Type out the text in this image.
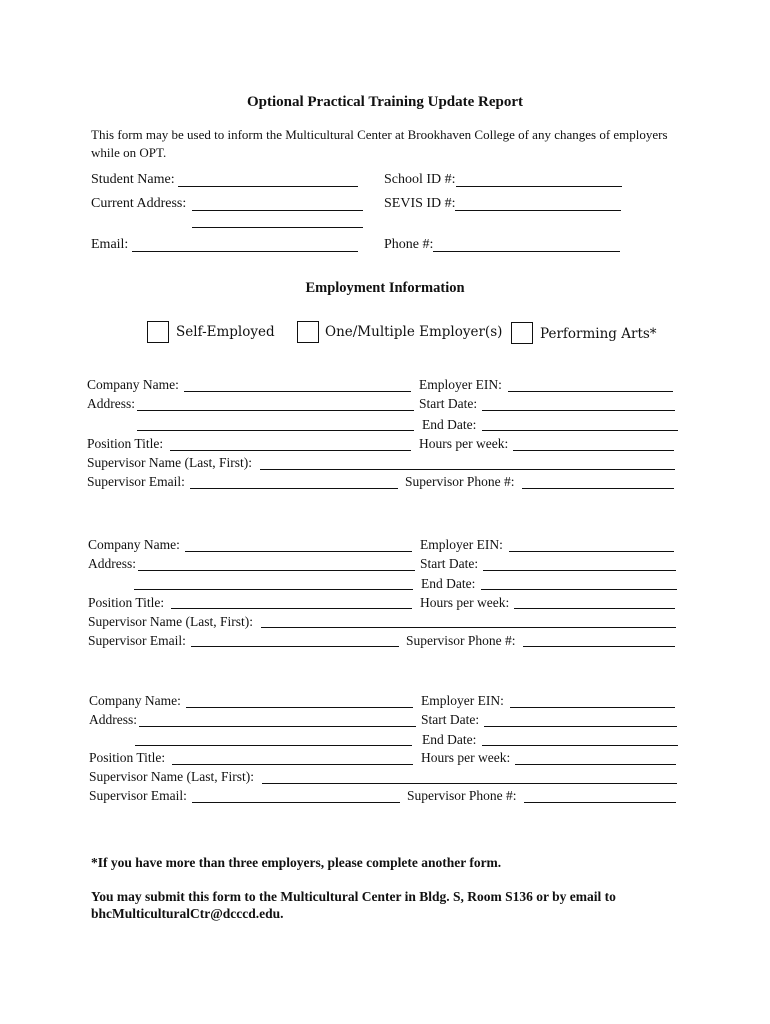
Optional Practical Training Update Report
This form may be used to inform the Multicultural Center at Brookhaven College of any changes of employers while on OPT.
Student Name:	School ID #:
Current Address:	SEVIS ID #:
Email:	Phone #:
Employment Information
Self-Employed	One/Multiple Employer(s)	Performing Arts*
Company Name:	Employer EIN:
Address:	Start Date:
End Date:
Position Title:	Hours per week:
Supervisor Name (Last, First):
Supervisor Email:	Supervisor Phone #:
Company Name:	Employer EIN:
Address:	Start Date:
End Date:
Position Title:	Hours per week:
Supervisor Name (Last, First):
Supervisor Email:	Supervisor Phone #:
Company Name:	Employer EIN:
Address:	Start Date:
End Date:
Position Title:	Hours per week:
Supervisor Name (Last, First):
Supervisor Email:	Supervisor Phone #:
*If you have more than three employers, please complete another form.
You may submit this form to the Multicultural Center in Bldg. S, Room S136 or by email to
bhcMulticulturalCtr@dcccd.edu.
